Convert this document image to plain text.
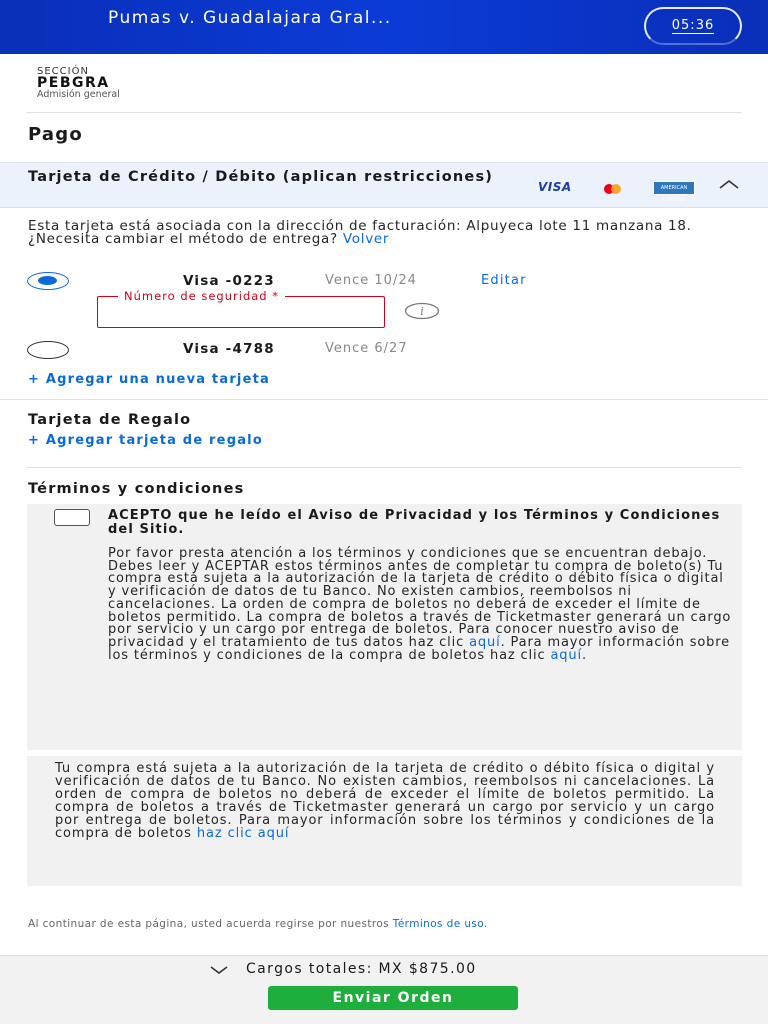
Pumas v. Guadalajara Gral...	05:36
SECCIÓN
PEBGRA
Admisión general
Pago
Tarjeta de Crédito / Débito (aplican restricciones)
VISA	AMERICAN EXPRESS
Esta tarjeta está asociada con la dirección de facturación: Alpuyeca lote 11 manzana 18. ¿Necesita cambiar el método de entrega? Volver
Visa -0223	Vence 10/24	Editar
Número de seguridad *
i
Visa -4788	Vence 6/27
+ Agregar una nueva tarjeta
Tarjeta de Regalo
+ Agregar tarjeta de regalo
Términos y condiciones
ACEPTO que he leído el Aviso de Privacidad y los Términos y Condiciones del Sitio.
Por favor presta atención a los términos y condiciones que se encuentran debajo. Debes leer y ACEPTAR estos términos antes de completar tu compra de boleto(s) Tu compra está sujeta a la autorización de la tarjeta de crédito o débito física o digital y verificación de datos de tu Banco. No existen cambios, reembolsos ni cancelaciones. La orden de compra de boletos no deberá de exceder el límite de boletos permitido. La compra de boletos a través de Ticketmaster generará un cargo por servicio y un cargo por entrega de boletos. Para conocer nuestro aviso de privacidad y el tratamiento de tus datos haz clic aquí. Para mayor información sobre los términos y condiciones de la compra de boletos haz clic aquí.
Tu compra está sujeta a la autorización de la tarjeta de crédito o débito física o digital y verificación de datos de tu Banco. No existen cambios, reembolsos ni cancelaciones. La orden de compra de boletos no deberá de exceder el límite de boletos permitido. La compra de boletos a través de Ticketmaster generará un cargo por servicio y un cargo por entrega de boletos. Para mayor información sobre los términos y condiciones de la compra de boletos haz clic aquí
Al continuar de esta página, usted acuerda regirse por nuestros Términos de uso.
Cargos totales: MX $875.00
Enviar Orden
